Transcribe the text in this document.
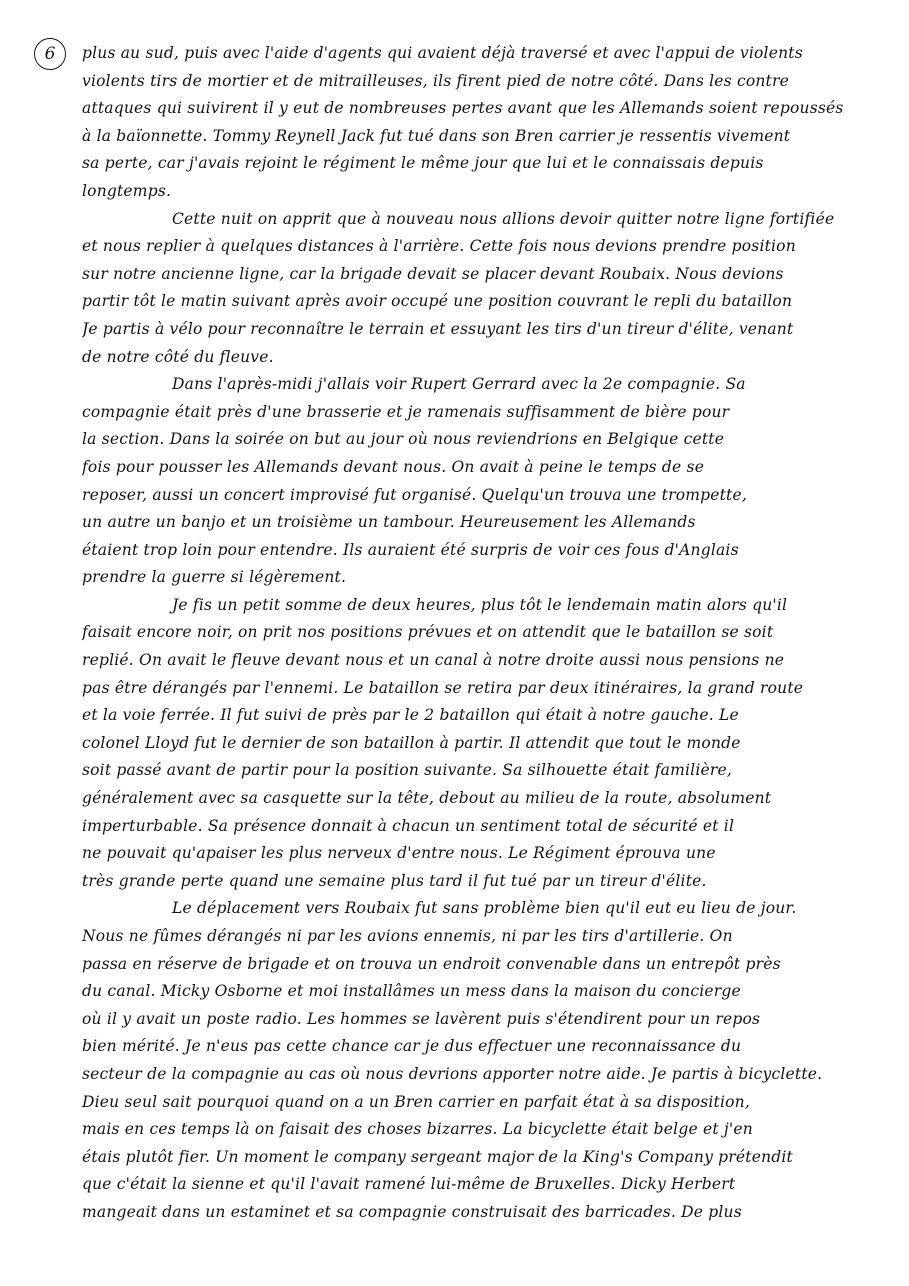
6	plus au sud, puis avec l'aide d'agents qui avaient déjà traversé et avec l'appui de violents
violents tirs de mortier et de mitrailleuses, ils firent pied de notre côté. Dans les contre
attaques qui suivirent il y eut de nombreuses pertes avant que les Allemands soient repoussés
à la baïonnette. Tommy Reynell Jack fut tué dans son Bren carrier je ressentis vivement
sa perte, car j'avais rejoint le régiment le même jour que lui et le connaissais depuis
longtemps.
Cette nuit on apprit que à nouveau nous allions devoir quitter notre ligne fortifiée
et nous replier à quelques distances à l'arrière. Cette fois nous devions prendre position
sur notre ancienne ligne, car la brigade devait se placer devant Roubaix. Nous devions
partir tôt le matin suivant après avoir occupé une position couvrant le repli du bataillon
Je partis à vélo pour reconnaître le terrain et essuyant les tirs d'un tireur d'élite, venant
de notre côté du fleuve.
Dans l'après-midi j'allais voir Rupert Gerrard avec la 2e compagnie. Sa
compagnie était près d'une brasserie et je ramenais suffisamment de bière pour
la section. Dans la soirée on but au jour où nous reviendrions en Belgique cette
fois pour pousser les Allemands devant nous. On avait à peine le temps de se
reposer, aussi un concert improvisé fut organisé. Quelqu'un trouva une trompette,
un autre un banjo et un troisième un tambour. Heureusement les Allemands
étaient trop loin pour entendre. Ils auraient été surpris de voir ces fous d'Anglais
prendre la guerre si légèrement.
Je fis un petit somme de deux heures, plus tôt le lendemain matin alors qu'il
faisait encore noir, on prit nos positions prévues et on attendit que le bataillon se soit
replié. On avait le fleuve devant nous et un canal à notre droite aussi nous pensions ne
pas être dérangés par l'ennemi. Le bataillon se retira par deux itinéraires, la grand route
et la voie ferrée. Il fut suivi de près par le 2 bataillon qui était à notre gauche. Le
colonel Lloyd fut le dernier de son bataillon à partir. Il attendit que tout le monde
soit passé avant de partir pour la position suivante. Sa silhouette était familière,
généralement avec sa casquette sur la tête, debout au milieu de la route, absolument
imperturbable. Sa présence donnait à chacun un sentiment total de sécurité et il
ne pouvait qu'apaiser les plus nerveux d'entre nous. Le Régiment éprouva une
très grande perte quand une semaine plus tard il fut tué par un tireur d'élite.
Le déplacement vers Roubaix fut sans problème bien qu'il eut eu lieu de jour.
Nous ne fûmes dérangés ni par les avions ennemis, ni par les tirs d'artillerie. On
passa en réserve de brigade et on trouva un endroit convenable dans un entrepôt près
du canal. Micky Osborne et moi installâmes un mess dans la maison du concierge
où il y avait un poste radio. Les hommes se lavèrent puis s'étendirent pour un repos
bien mérité. Je n'eus pas cette chance car je dus effectuer une reconnaissance du
secteur de la compagnie au cas où nous devrions apporter notre aide. Je partis à bicyclette.
Dieu seul sait pourquoi quand on a un Bren carrier en parfait état à sa disposition,
mais en ces temps là on faisait des choses bizarres. La bicyclette était belge et j'en
étais plutôt fier. Un moment le company sergeant major de la King's Company prétendit
que c'était la sienne et qu'il l'avait ramené lui-même de Bruxelles. Dicky Herbert
mangeait dans un estaminet et sa compagnie construisait des barricades. De plus
